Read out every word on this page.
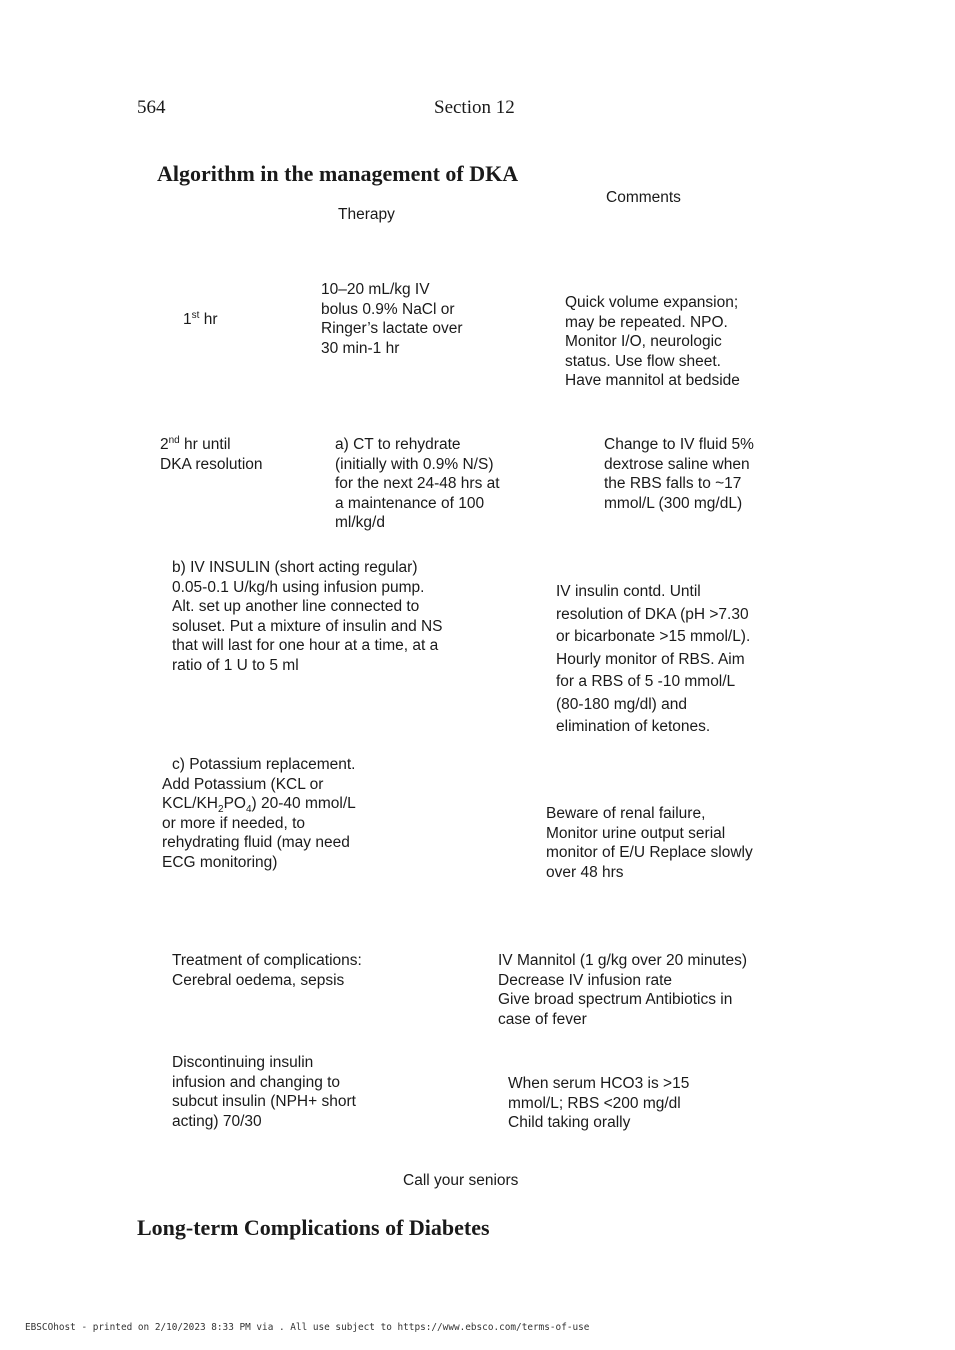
564	Section 12
Algorithm in the management of DKA
Comments
Therapy
1st hr
10–20 mL/kg IV
bolus 0.9% NaCl or
Ringer’s lactate over
30 min-1 hr
Quick volume expansion;
may be repeated. NPO.
Monitor I/O, neurologic
status. Use flow sheet.
Have mannitol at bedside
2nd hr until
DKA resolution
a) CT to rehydrate
(initially with 0.9% N/S)
for the next 24-48 hrs at
a maintenance of 100
ml/kg/d
Change to IV fluid 5%
dextrose saline when
the RBS falls to ~17
mmol/L (300 mg/dL)
b) IV INSULIN (short acting regular)
0.05-0.1 U/kg/h using infusion pump.
Alt. set up another line connected to
soluset. Put a mixture of insulin and NS
that will last for one hour at a time, at a
ratio of 1 U to 5 ml
IV insulin contd. Until
resolution of DKA (pH >7.30
or bicarbonate >15 mmol/L).
Hourly monitor of RBS. Aim
for a RBS of 5 -10 mmol/L
(80-180 mg/dl) and
elimination of ketones.
c) Potassium replacement.
Add Potassium (KCL or
KCL/$KH_2PO_4$) 20-40 mmol/L
or more if needed, to
rehydrating fluid (may need
ECG monitoring)
Beware of renal failure,
Monitor urine output serial
monitor of E/U Replace slowly
over 48 hrs
Treatment of complications:
Cerebral oedema, sepsis
IV Mannitol (1 g/kg over 20 minutes)
Decrease IV infusion rate
Give broad spectrum Antibiotics in
case of fever
Discontinuing insulin
infusion and changing to
subcut insulin (NPH+ short
acting) 70/30
When serum HCO3 is >15
mmol/L; RBS <200 mg/dl
Child taking orally
Call your seniors
Long-term Complications of Diabetes
EBSCOhost - printed on 2/10/2023 8:33 PM via . All use subject to https://www.ebsco.com/terms-of-use
